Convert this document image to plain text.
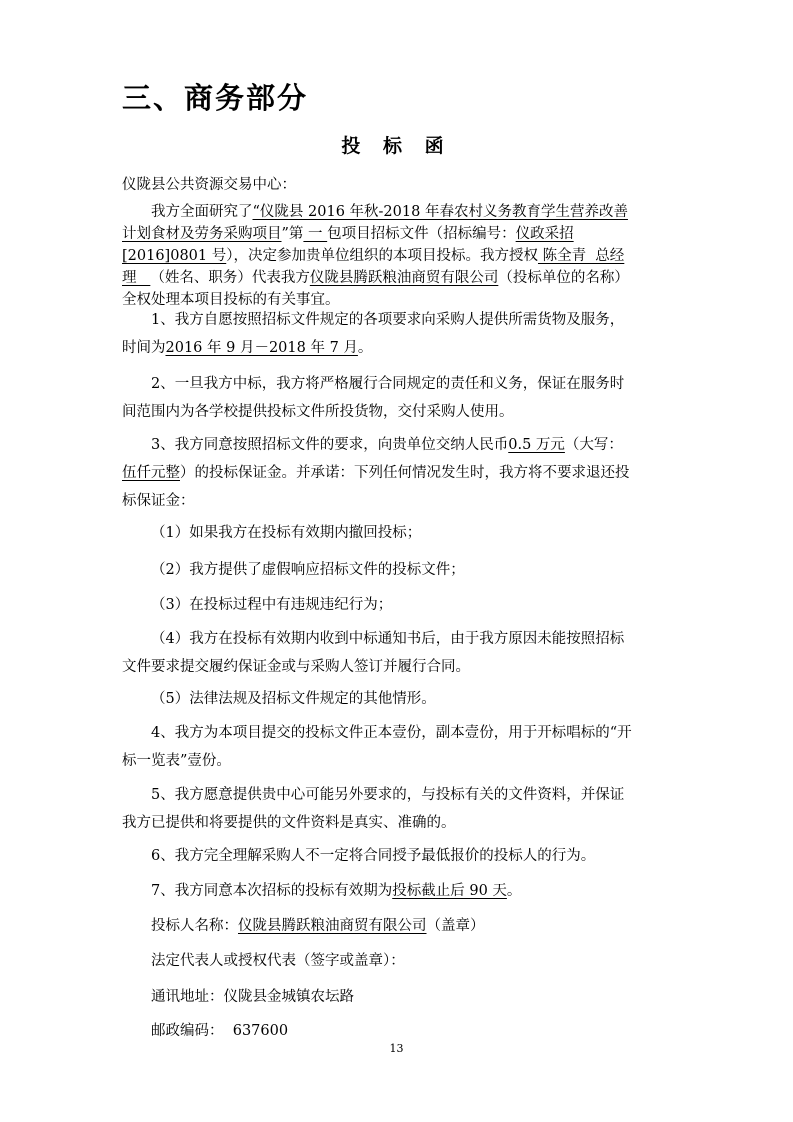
三、商务部分
投 标 函
仪陇县公共资源交易中心：
我方全面研究了“仪陇县 2016 年秋-2018 年春农村义务教育学生营养改善
计划食材及劳务采购项目”第 一 包项目招标文件（招标编号：仪政采招
[2016]0801 号），决定参加贵单位组织的本项目投标。我方授权 陈全青  总经
理   （姓名、职务）代表我方仪陇县腾跃粮油商贸有限公司（投标单位的名称）
全权处理本项目投标的有关事宜。
1、我方自愿按照招标文件规定的各项要求向采购人提供所需货物及服务，
时间为2016 年 9 月－2018 年 7 月。
2、一旦我方中标，我方将严格履行合同规定的责任和义务，保证在服务时
间范围内为各学校提供投标文件所投货物，交付采购人使用。
3、我方同意按照招标文件的要求，向贵单位交纳人民币0.5 万元（大写：
伍仟元整）的投标保证金。并承诺：下列任何情况发生时，我方将不要求退还投
标保证金：
（1）如果我方在投标有效期内撤回投标；
（2）我方提供了虚假响应招标文件的投标文件；
（3）在投标过程中有违规违纪行为；
（4）我方在投标有效期内收到中标通知书后，由于我方原因未能按照招标
文件要求提交履约保证金或与采购人签订并履行合同。
（5）法律法规及招标文件规定的其他情形。
4、我方为本项目提交的投标文件正本壹份，副本壹份，用于开标唱标的“开
标一览表”壹份。
5、我方愿意提供贵中心可能另外要求的，与投标有关的文件资料，并保证
我方已提供和将要提供的文件资料是真实、准确的。
6、我方完全理解采购人不一定将合同授予最低报价的投标人的行为。
7、我方同意本次招标的投标有效期为投标截止后 90 天。
投标人名称：仪陇县腾跃粮油商贸有限公司（盖章）
法定代表人或授权代表（签字或盖章）：
通讯地址：仪陇县金城镇农坛路
邮政编码：  637600
13
